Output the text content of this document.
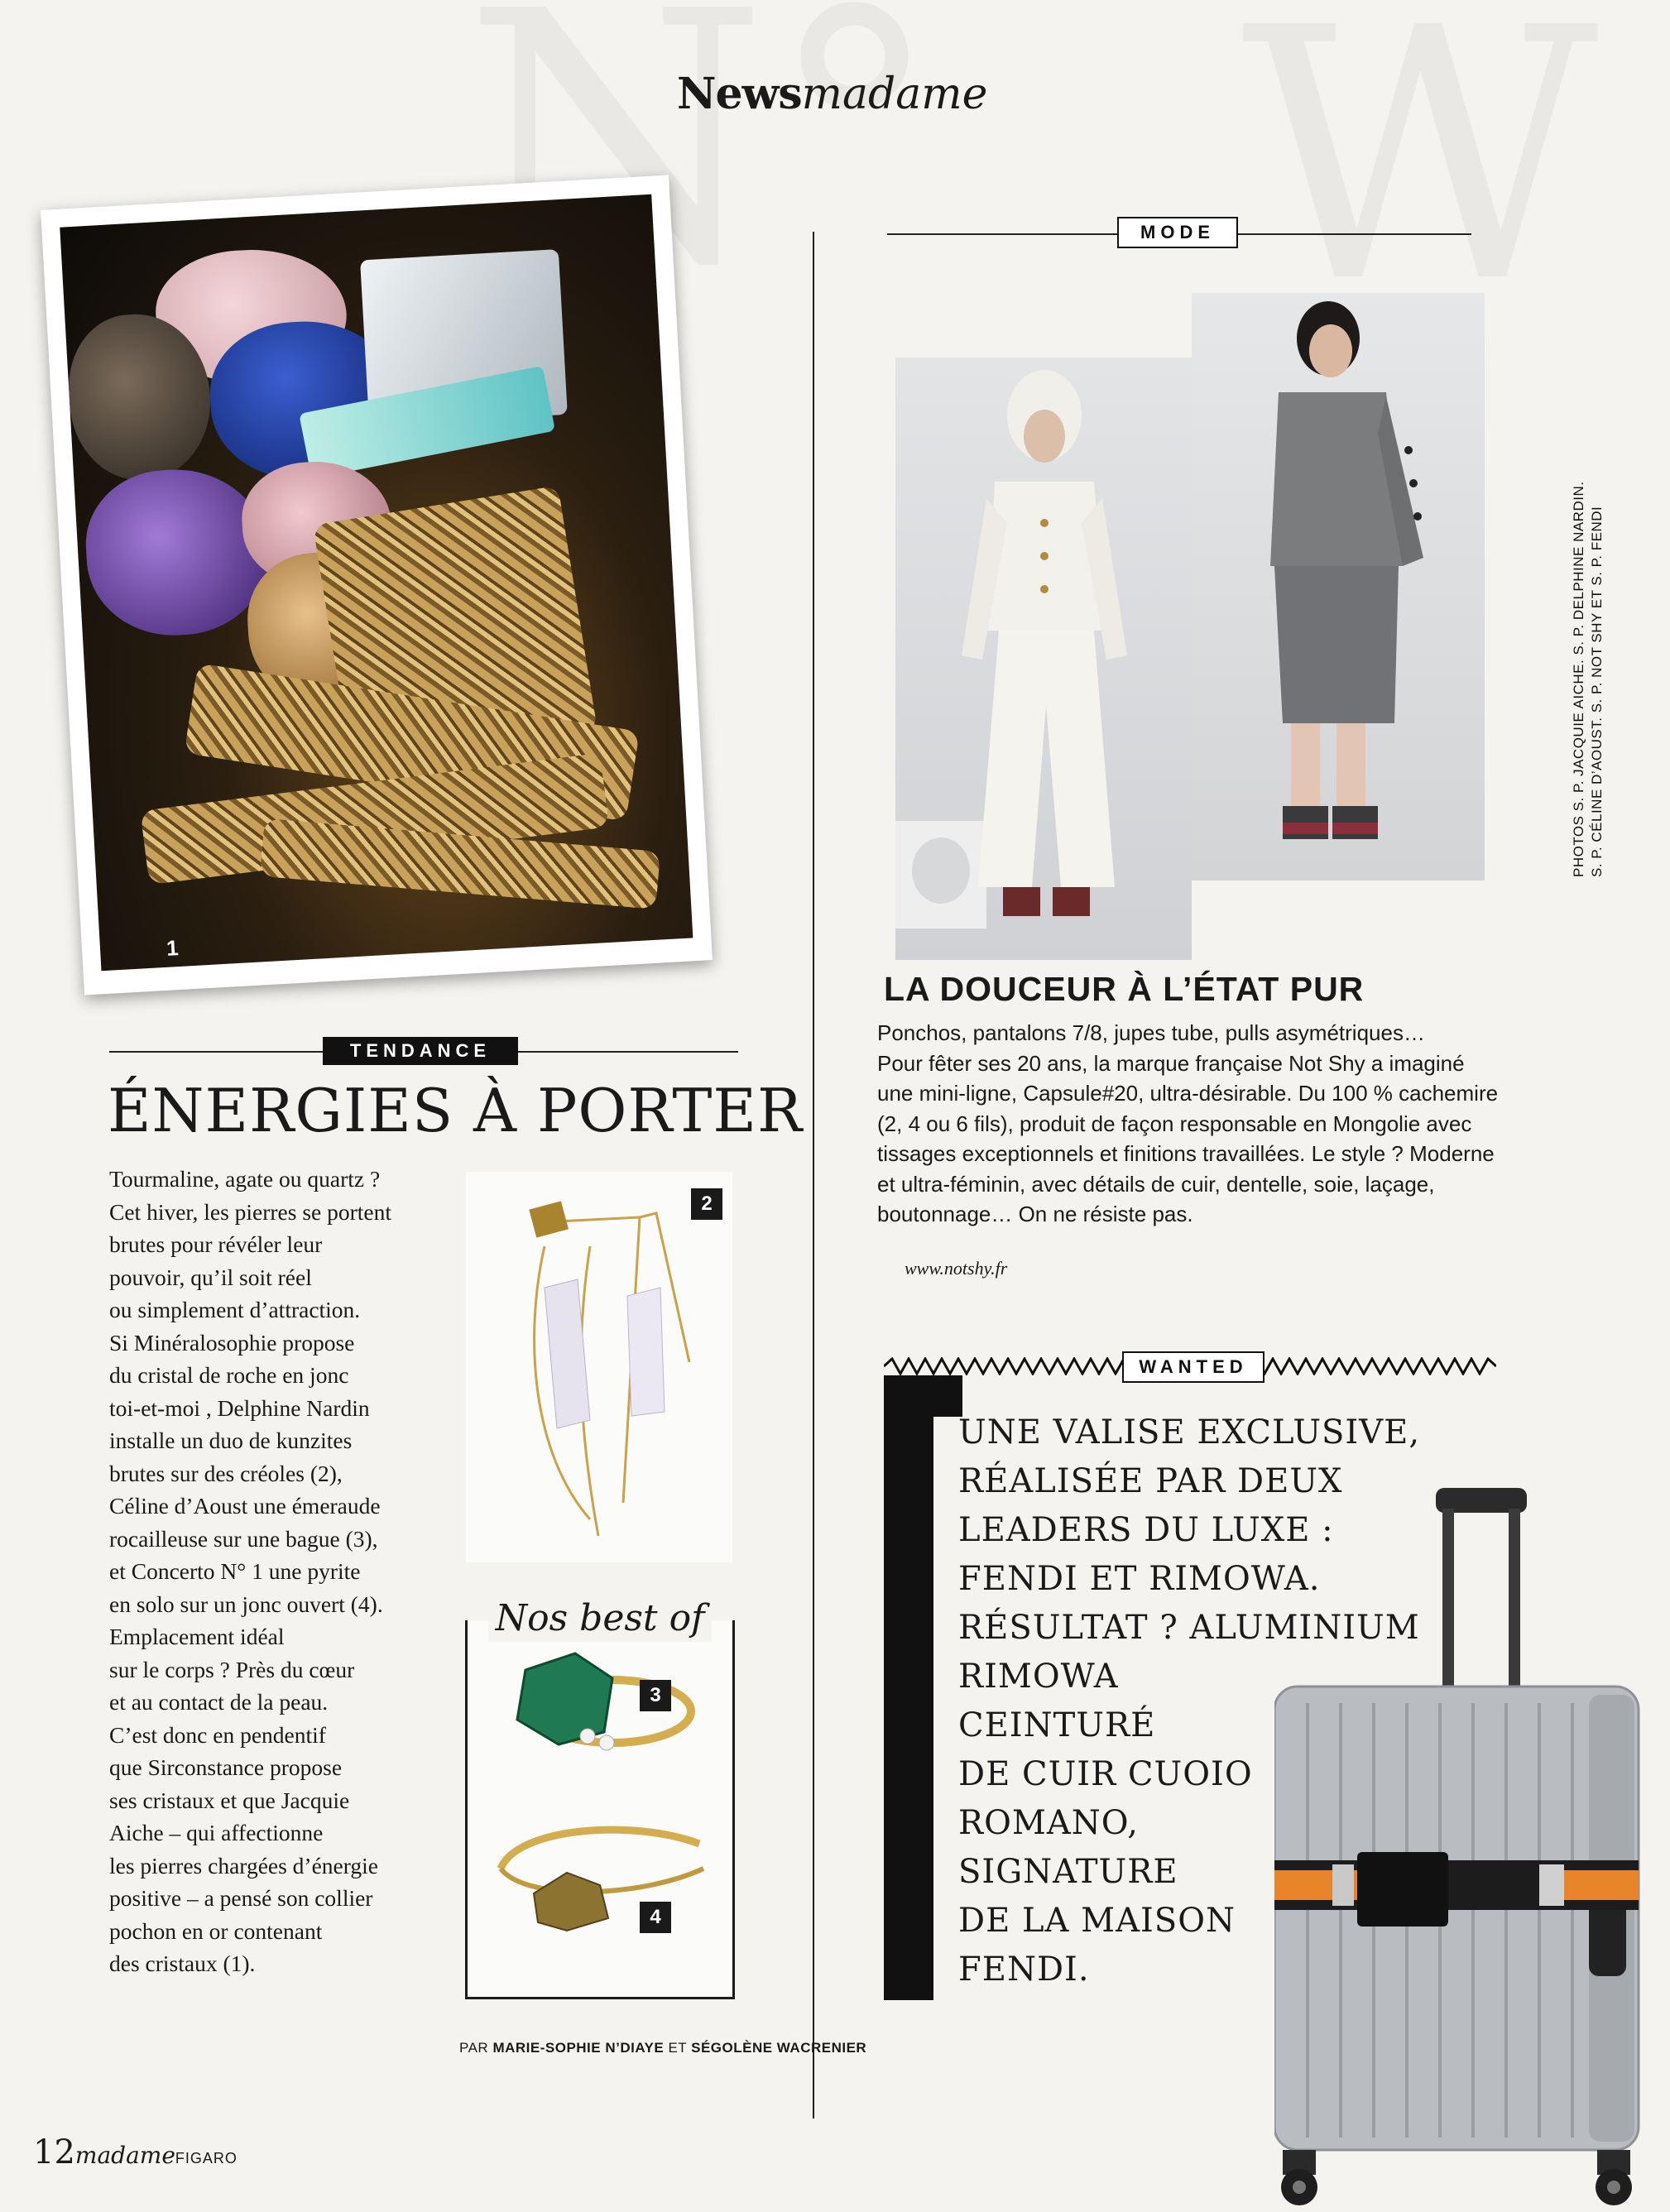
Newsmadame
1
TENDANCE
ÉNERGIES À PORTER

Tourmaline, agate ou quartz ?

Cet hiver, les pierres se portent

brutes pour révéler leur

pouvoir, qu’il soit réel

ou simplement d’attraction.

Si Minéralosophie propose

du cristal de roche en jonc

toi-et-moi , Delphine Nardin

installe un duo de kunzites

brutes sur des créoles (2),

Céline d’Aoust une émeraude

rocailleuse sur une bague (3),

et Concerto N° 1 une pyrite

en solo sur un jonc ouvert (4).

Emplacement idéal

sur le corps ? Près du cœur

et au contact de la peau.

C’est donc en pendentif

que Sirconstance propose

ses cristaux et que Jacquie

Aiche – qui affectionne

les pierres chargées d’énergie

positive – a pensé son collier

pochon en or contenant

des cristaux (1).

2
3
4
Nos best of
MODE
PHOTOS S. P. JACQUIE AICHE. S. P. DELPHINE NARDIN. S. P. CÉLINE D’AOUST. S. P. NOT SHY ET S. P. FENDI
LA DOUCEUR À L’ÉTAT PUR
Ponchos, pantalons 7/8, jupes tube, pulls asymétriques…
Pour fêter ses 20 ans, la marque française Not Shy a imaginé
une mini-ligne, Capsule#20, ultra-désirable. Du 100 % cachemire
(2, 4 ou 6 fils), produit de façon responsable en Mongolie avec
tissages exceptionnels et finitions travaillées. Le style ? Moderne
et ultra-féminin, avec détails de cuir, dentelle, soie, laçage,
boutonnage… On ne résiste pas.
www.notshy.fr
WANTED
UNE VALISE EXCLUSIVE,
RÉALISÉE PAR DEUX
LEADERS DU LUXE :
FENDI ET RIMOWA.
RÉSULTAT ? ALUMINIUM
RIMOWA
CEINTURÉ
DE CUIR CUOIO
ROMANO,
SIGNATURE
DE LA MAISON
FENDI.
PAR MARIE-SOPHIE N’DIAYE ET SÉGOLÈNE WACRENIER
12madameFIGARO
